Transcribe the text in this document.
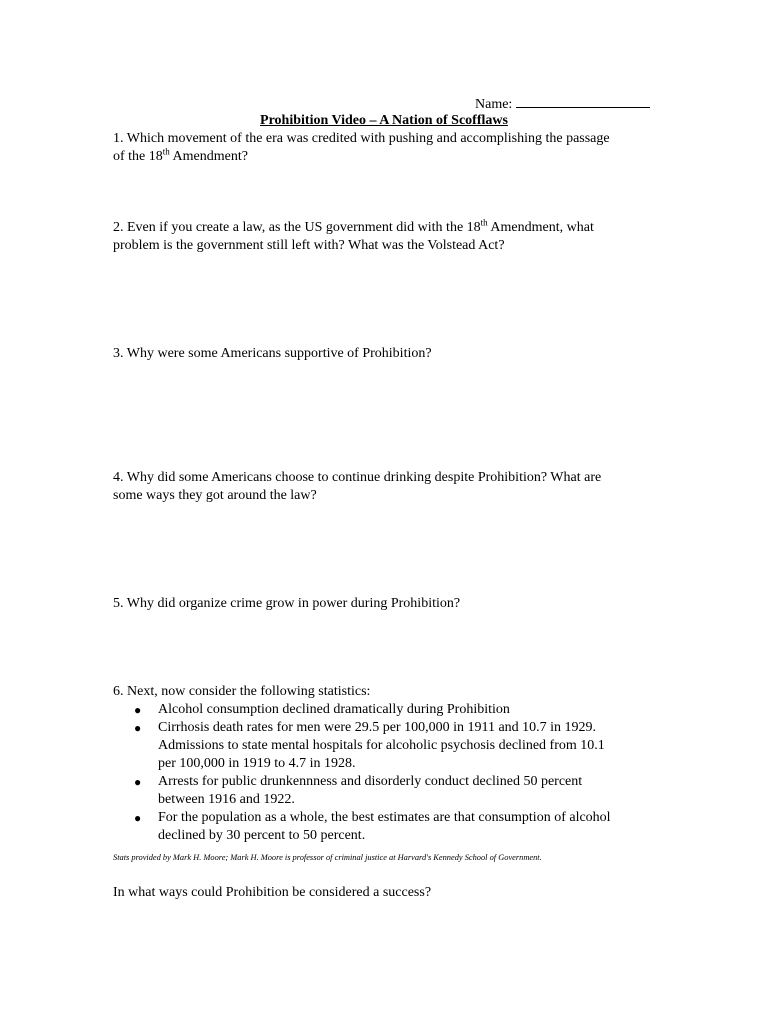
Name:
Prohibition Video – A Nation of Scofflaws
1. Which movement of the era was credited with pushing and accomplishing the passage
of the 18th Amendment?
2. Even if you create a law, as the US government did with the 18th Amendment, what
problem is the government still left with? What was the Volstead Act?
3. Why were some Americans supportive of Prohibition?
4. Why did some Americans choose to continue drinking despite Prohibition? What are
some ways they got around the law?
5. Why did organize crime grow in power during Prohibition?
6. Next, now consider the following statistics:
● Alcohol consumption declined dramatically during Prohibition
● Cirrhosis death rates for men were 29.5 per 100,000 in 1911 and 10.7 in 1929.
Admissions to state mental hospitals for alcoholic psychosis declined from 10.1
per 100,000 in 1919 to 4.7 in 1928.
● Arrests for public drunkennness and disorderly conduct declined 50 percent
between 1916 and 1922.
● For the population as a whole, the best estimates are that consumption of alcohol
declined by 30 percent to 50 percent.
Stats provided by Mark H. Moore; Mark H. Moore is professor of criminal justice at Harvard's Kennedy School of Government.
In what ways could Prohibition be considered a success?
